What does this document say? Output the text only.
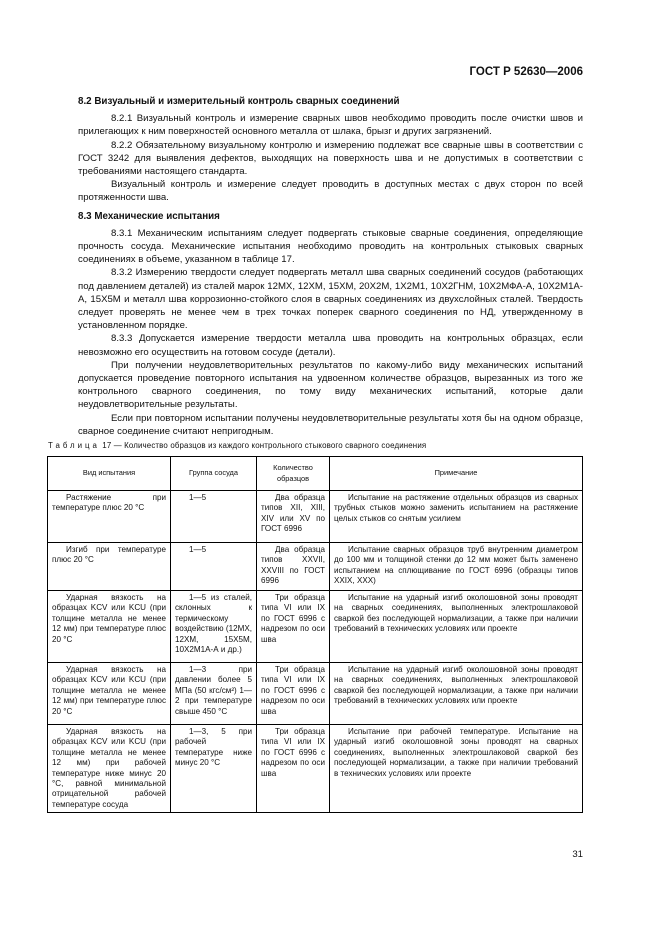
ГОСТ Р 52630—2006
8.2 Визуальный и измерительный контроль сварных соединений

8.2.1 Визуальный контроль и измерение сварных швов необходимо проводить после очистки швов и прилегающих к ним поверхностей основного металла от шлака, брызг и других загрязнений.

8.2.2 Обязательному визуальному контролю и измерению подлежат все сварные швы в соответствии с ГОСТ 3242 для выявления дефектов, выходящих на поверхность шва и не допустимых в соответствии с требованиями настоящего стандарта.

Визуальный контроль и измерение следует проводить в доступных местах с двух сторон по всей протяженности шва.

8.3 Механические испытания

8.3.1 Механическим испытаниям следует подвергать стыковые сварные соединения, определяющие прочность сосуда. Механические испытания необходимо проводить на контрольных стыковых сварных соединениях в объеме, указанном в таблице 17.

8.3.2 Измерению твердости следует подвергать металл шва сварных соединений сосудов (работающих под давлением деталей) из сталей марок 12МХ, 12ХМ, 15ХМ, 20Х2М, 1Х2М1, 10Х2ГНМ, 10Х2МФА-А, 10Х2М1А-А, 15Х5М и металл шва коррозионно-стойкого слоя в сварных соединениях из двухслойных сталей. Твердость следует проверять не менее чем в трех точках поперек сварного соединения по НД, утвержденному в установленном порядке.

8.3.3 Допускается измерение твердости металла шва проводить на контрольных образцах, если невозможно его осуществить на готовом сосуде (детали).

При получении неудовлетворительных результатов по какому-либо виду механических испытаний допускается проведение повторного испытания на удвоенном количестве образцов, вырезанных из того же контрольного сварного соединения, по тому виду механических испытаний, которые дали неудовлетворительные результаты.

Если при повторном испытании получены неудовлетворительные результаты хотя бы на одном образце, сварное соединение считают непригодным.

Таблица 17 — Количество образцов из каждого контрольного стыкового сварного соединения
Вид испытания	Группа сосуда	Количество образцов	Примечание
Растяжение при температуре плюс 20 °С	1—5	Два образца типов XII, XIII, XIV или XV по ГОСТ 6996	Испытание на растяжение отдельных образцов из сварных трубных стыков можно заменить испытанием на растяжение целых стыков со снятым усилием
Изгиб при температуре плюс 20 °С	1—5	Два образца типов XXVII, XXVIII по ГОСТ 6996	Испытание сварных образцов труб внутренним диаметром до 100 мм и толщиной стенки до 12 мм может быть заменено испытанием на сплющивание по ГОСТ 6996 (образцы типов XXIX, XXX)
Ударная вязкость на образцах KCV или KCU (при толщине металла не менее 12 мм) при температуре плюс 20 °С	1—5 из сталей, склонных к термическому воздействию (12МХ, 12ХМ, 15Х5М, 10Х2М1А-А и др.)	Три образца типа VI или IX по ГОСТ 6996 с надрезом по оси шва	Испытание на ударный изгиб околошовной зоны проводят на сварных соединениях, выполненных электрошлаковой сваркой без последующей нормализации, а также при наличии требований в технических условиях или проекте
Ударная вязкость на образцах KCV или KCU (при толщине металла не менее 12 мм) при температуре плюс 20 °С	1—3 при давлении более 5 МПа (50 кгс/см²) 1—2 при температуре свыше 450 °С	Три образца типа VI или IX по ГОСТ 6996 с надрезом по оси шва	Испытание на ударный изгиб околошовной зоны проводят на сварных соединениях, выполненных электрошлаковой сваркой без последующей нормализации, а также при наличии требований в технических условиях или проекте
Ударная вязкость на образцах KCV или KCU (при толщине металла не менее 12 мм) при рабочей температуре ниже минус 20 °С, равной минимальной отрицательной рабочей температуре сосуда	1—3, 5 при рабочей температуре ниже минус 20 °С	Три образца типа VI или IX по ГОСТ 6996 с надрезом по оси шва	Испытание при рабочей температуре. Испытание на ударный изгиб околошовной зоны проводят на сварных соединениях, выполненных электрошлаковой сваркой без последующей нормализации, а также при наличии требований в технических условиях или проекте
31
